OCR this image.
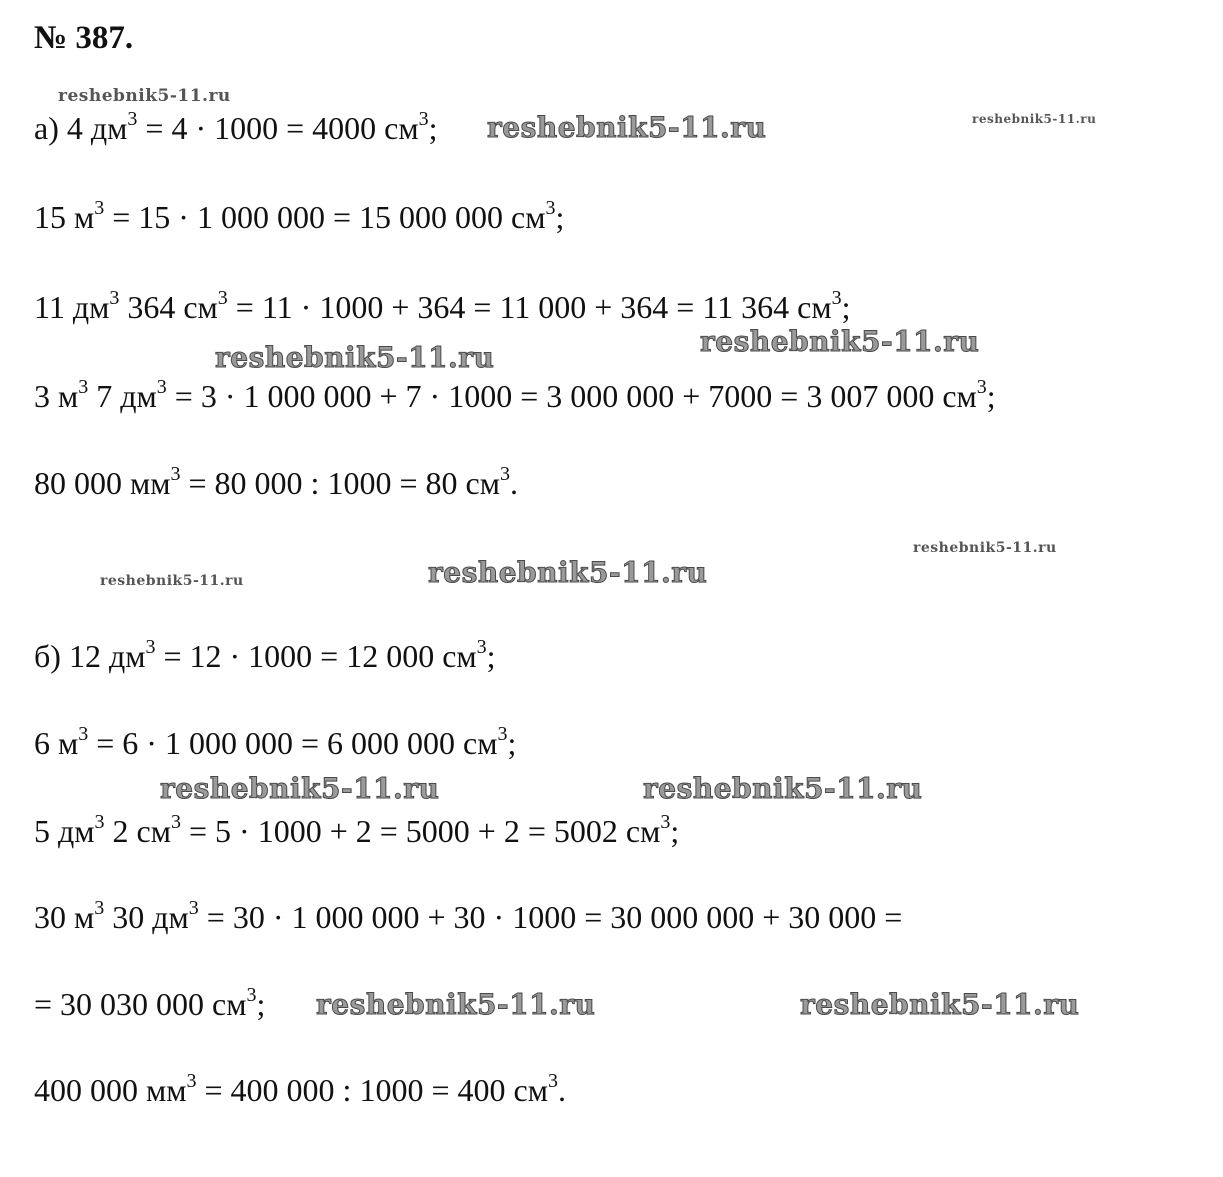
№ 387.
а) 4 $дм^3 = 4 \cdot 1000 = 4000$ $см^3$;
15 $м^3 = 15 \cdot 1$ 000 000 = 15 000 000 $см^3$;
11 $дм^3$ 364 $см^3 = 11 \cdot 1000 + 364 = 11$ 000 + 364 = 11 364 $см^3$;
3 $м^3$ 7 $дм^3 = 3 \cdot 1$ 000 000 + 7 · 1000 = 3 000 000 + 7000 = 3 007 000 $см^3$;
80 000 $мм^3 = 80$ 000 : 1000 = 80 $см^3$.
б) 12 $дм^3 = 12 \cdot 1000 = 12$ 000 $см^3$;
6 $м^3 = 6 \cdot 1$ 000 000 = 6 000 000 $см^3$;
5 $дм^3$ 2 $см^3 = 5 \cdot 1000 + 2 = 5000 + 2 = 5002$ $см^3$;
30 $м^3$ 30 $дм^3 = 30 \cdot 1$ 000 000 + 30 · 1000 = 30 000 000 + 30 000 =
= 30 030 000 $см^3$;
400 000 $мм^3 = 400$ 000 : 1000 = 400 $см^3$.
reshebnik5-11.ru
reshebnik5-11.ru	reshebnik5-11.ru
reshebnik5-11.ru	reshebnik5-11.ru
reshebnik5-11.ru
reshebnik5-11.ru	reshebnik5-11.ru
reshebnik5-11.ru	reshebnik5-11.ru
reshebnik5-11.ru	reshebnik5-11.ru
